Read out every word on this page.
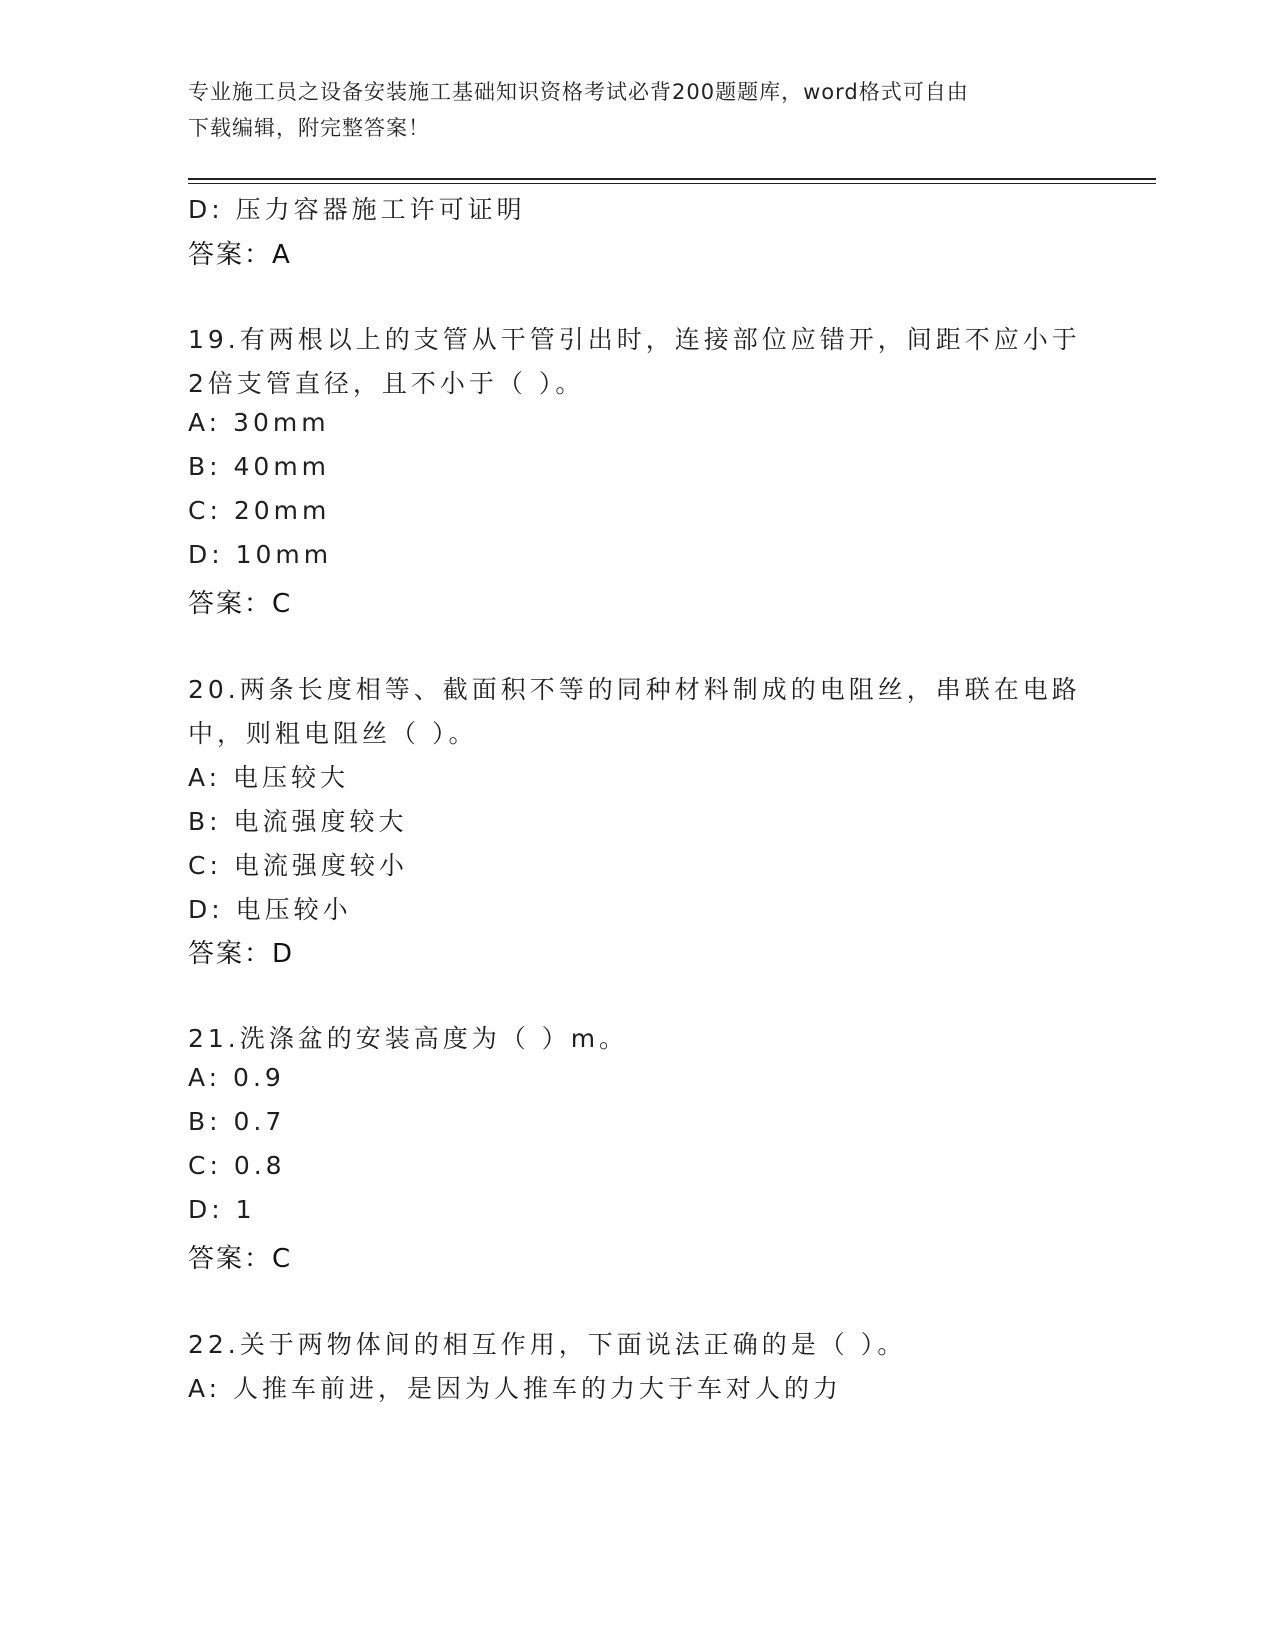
专业施工员之设备安装施工基础知识资格考试必背200题题库，word格式可自由
下载编辑，附完整答案！
D: 压力容器施工许可证明
答案：A
19.有两根以上的支管从干管引出时，连接部位应错开，间距不应小于
2倍支管直径，且不小于（ ）。
A: 30mm
B: 40mm
C: 20mm
D: 10mm
答案：C
20.两条长度相等、截面积不等的同种材料制成的电阻丝，串联在电路
中，则粗电阻丝（ ）。
A: 电压较大
B: 电流强度较大
C: 电流强度较小
D: 电压较小
答案：D
21.洗涤盆的安装高度为（ ）m。
A: 0.9
B: 0.7
C: 0.8
D: 1
答案：C
22.关于两物体间的相互作用，下面说法正确的是（ ）。
A: 人推车前进，是因为人推车的力大于车对人的力
